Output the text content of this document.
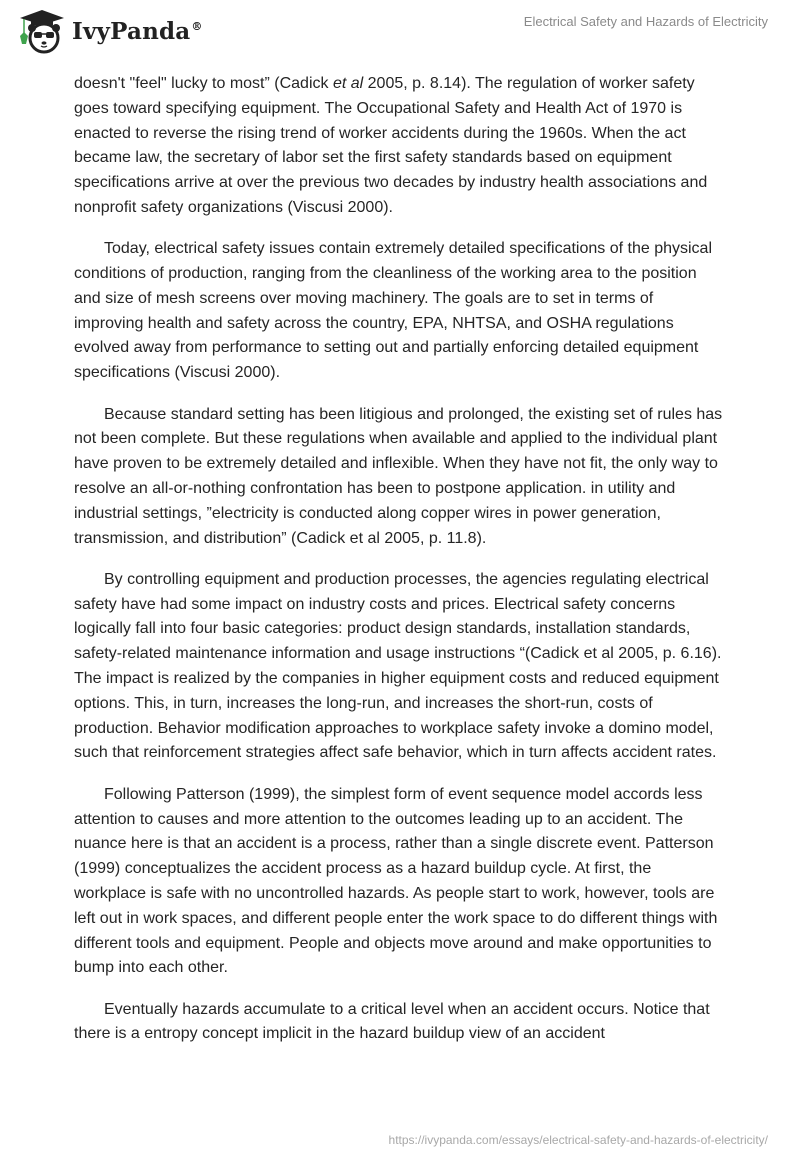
IvyPanda®	Electrical Safety and Hazards of Electricity

doesn't "feel" lucky to most” (Cadick et al 2005, p. 8.14). The regulation of worker safety goes toward specifying equipment. The Occupational Safety and Health Act of 1970 is enacted to reverse the rising trend of worker accidents during the 1960s. When the act became law, the secretary of labor set the first safety standards based on equipment specifications arrive at over the previous two decades by industry health associations and nonprofit safety organizations (Viscusi 2000).

Today, electrical safety issues contain extremely detailed specifications of the physical conditions of production, ranging from the cleanliness of the working area to the position and size of mesh screens over moving machinery. The goals are to set in terms of improving health and safety across the country, EPA, NHTSA, and OSHA regulations evolved away from performance to setting out and partially enforcing detailed equipment specifications (Viscusi 2000).

Because standard setting has been litigious and prolonged, the existing set of rules has not been complete. But these regulations when available and applied to the individual plant have proven to be extremely detailed and inflexible. When they have not fit, the only way to resolve an all-or-nothing confrontation has been to postpone application. in utility and industrial settings, ”electricity is conducted along copper wires in power generation, transmission, and distribution” (Cadick et al 2005, p. 11.8).

By controlling equipment and production processes, the agencies regulating electrical safety have had some impact on industry costs and prices. Electrical safety concerns logically fall into four basic categories: product design standards, installation standards, safety-related maintenance information and usage instructions “(Cadick et al 2005, p. 6.16). The impact is realized by the companies in higher equipment costs and reduced equipment options. This, in turn, increases the long-run, and increases the short-run, costs of production. Behavior modification approaches to workplace safety invoke a domino model, such that reinforcement strategies affect safe behavior, which in turn affects accident rates.

Following Patterson (1999), the simplest form of event sequence model accords less attention to causes and more attention to the outcomes leading up to an accident. The nuance here is that an accident is a process, rather than a single discrete event. Patterson (1999) conceptualizes the accident process as a hazard buildup cycle. At first, the workplace is safe with no uncontrolled hazards. As people start to work, however, tools are left out in work spaces, and different people enter the work space to do different things with different tools and equipment. People and objects move around and make opportunities to bump into each other.

Eventually hazards accumulate to a critical level when an accident occurs. Notice that there is a entropy concept implicit in the hazard buildup view of an accident

https://ivypanda.com/essays/electrical-safety-and-hazards-of-electricity/
